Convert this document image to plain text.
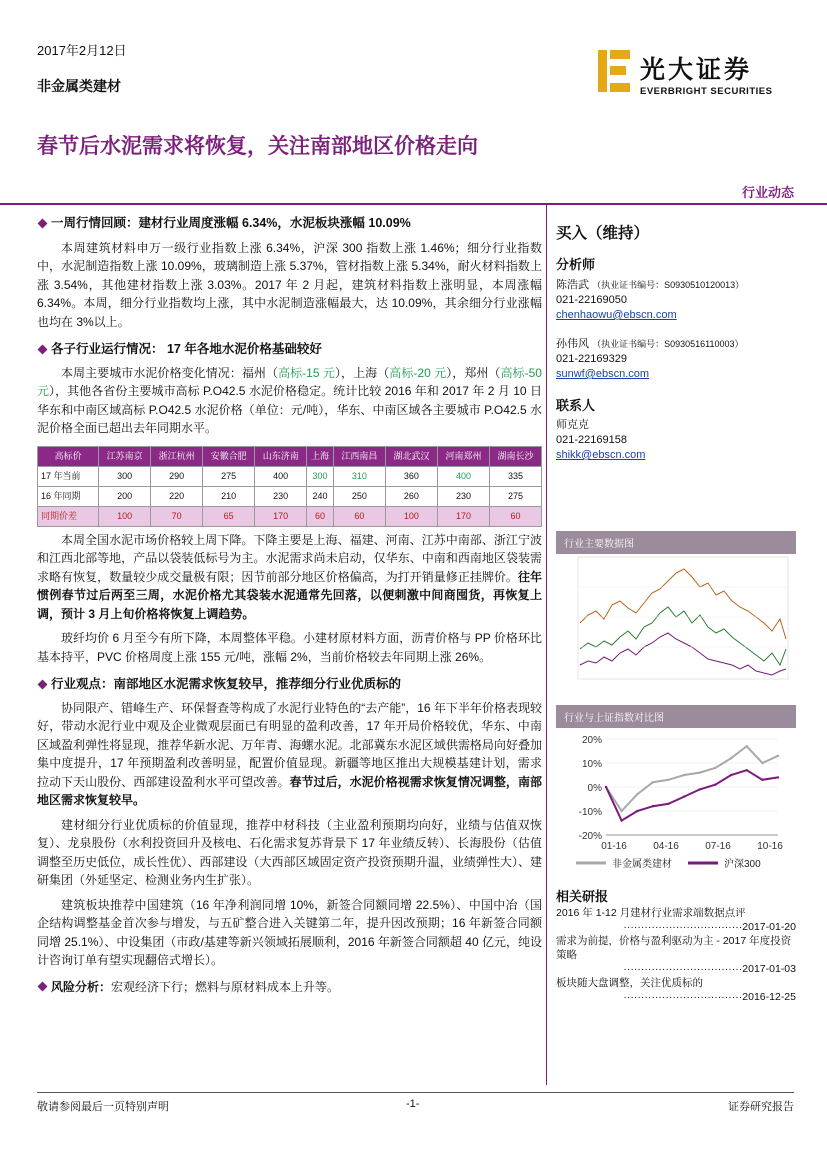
2017年2月12日
非金属类建材
光大证券
EVERBRIGHT SECURITIES
春节后水泥需求将恢复，关注南部地区价格走向
行业动态
一周行情回顾：建材行业周度涨幅 6.34%，水泥板块涨幅 10.09%
本周建筑材料申万一级行业指数上涨 6.34%，沪深 300 指数上涨 1.46%；细分行业指数中，水泥制造指数上涨 10.09%，玻璃制造上涨 5.37%，管材指数上涨 5.34%，耐火材料指数上涨 3.54%，其他建材指数上涨 3.03%。2017 年 2 月起，建筑材料指数上涨明显，本周涨幅 6.34%。本周，细分行业指数均上涨，其中水泥制造涨幅最大，达 10.09%，其余细分行业涨幅也均在 3%以上。
各子行业运行情况： 17 年各地水泥价格基础较好
本周主要城市水泥价格变化情况：福州（高标-15 元），上海（高标-20 元），郑州（高标-50 元），其他各省份主要城市高标 P.O42.5 水泥价格稳定。统计比较 2016 年和 2017 年 2 月 10 日华东和中南区域高标 P.O42.5 水泥价格（单位：元/吨），华东、中南区域各主要城市 P.O42.5 水泥价格全面已超出去年同期水平。
高标价	江苏南京	浙江杭州	安徽合肥	山东济南	上海	江西南昌	湖北武汉	河南郑州	湖南长沙
17 年当前	300	290	275	400	300	310	360	400	335
16 年同期	200	220	210	230	240	250	260	230	275
同期价差	100	70	65	170	60	60	100	170	60
本周全国水泥市场价格较上周下降。下降主要是上海、福建、河南、江苏中南部、浙江宁波和江西北部等地，产品以袋装低标号为主。水泥需求尚未启动，仅华东、中南和西南地区袋装需求略有恢复，数量较少成交量极有限；因节前部分地区价格偏高，为打开销量修正挂牌价。往年惯例春节过后两至三周，水泥价格尤其袋装水泥通常先回落，以便刺激中间商囤货，再恢复上调，预计 3 月上旬价格将恢复上调趋势。
玻纤均价 6 月至今有所下降，本周整体平稳。小建材原材料方面，沥青价格与 PP 价格环比基本持平，PVC 价格周度上涨 155 元/吨，涨幅 2%，当前价格较去年同期上涨 26%。
行业观点：南部地区水泥需求恢复较早，推荐细分行业优质标的
协同限产、错峰生产、环保督查等构成了水泥行业特色的“去产能”，16 年下半年价格表现较好，带动水泥行业中观及企业微观层面已有明显的盈利改善，17 年开局价格较优，华东、中南区域盈利弹性将显现，推荐华新水泥、万年青、海螺水泥。北部冀东水泥区域供需格局向好叠加集中度提升，17 年预期盈利改善明显，配置价值显现。新疆等地区推出大规模基建计划，需求拉动下天山股份、西部建设盈利水平可望改善。春节过后，水泥价格视需求恢复情况调整，南部地区需求恢复较早。
建材细分行业优质标的价值显现，推荐中材科技（主业盈利预期均向好，业绩与估值双恢复）、龙泉股份（水利投资回升及核电、石化需求复苏背景下 17 年业绩反转）、长海股份（估值调整至历史低位，成长性优）、西部建设（大西部区域固定资产投资预期升温，业绩弹性大）、建研集团（外延坚定、检测业务内生扩张）。
建筑板块推荐中国建筑（16 年净利润同增 10%，新签合同额同增 22.5%）、中国中冶（国企结构调整基金首次参与增发，与五矿整合进入关键第二年，提升因改预期；16 年新签合同额同增 25.1%）、中设集团（市政/基建等新兴领域拓展顺利，2016 年新签合同额超 40 亿元，纯设计咨询订单有望实现翻倍式增长）。
风险分析：宏观经济下行；燃料与原材料成本上升等。
买入（维持）
分析师
陈浩武 （执业证书编号：S0930510120013）
021-22169050
chenhaowu@ebscn.com
孙伟风 （执业证书编号：S0930516110003）
021-22169329
sunwf@ebscn.com
联系人
师克克
021-22169158
shikk@ebscn.com
行业主要数据图
行业与上证指数对比图
20%
10%
0%
-10%
-20%
01-16	04-16	07-16	10-16
非金属类建材	沪深300
相关研报
2016 年 1-12 月建材行业需求端数据点评
··································2017-01-20
需求为前提，价格与盈利驱动为主 - 2017 年度投资策略
··································2017-01-03
板块随大盘调整，关注优质标的
··································2016-12-25
敬请参阅最后一页特别声明	-1-	证券研究报告
